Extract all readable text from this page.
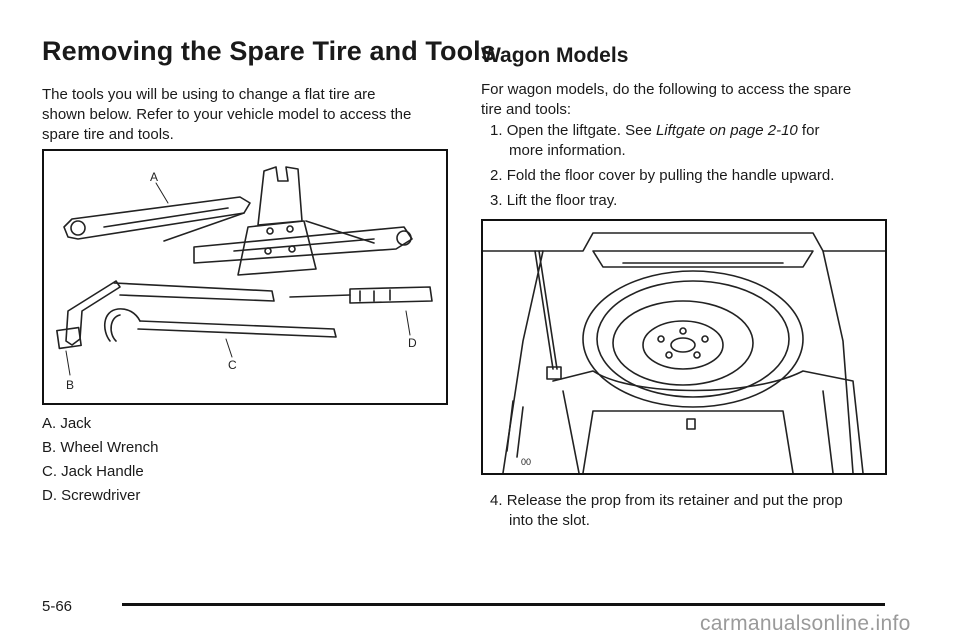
Removing the Spare Tire and Tools
The tools you will be using to change a flat tire are
shown below. Refer to your vehicle model to access the
spare tire and tools.
A
B
C
D
A. Jack
B. Wheel Wrench
C. Jack Handle
D. Screwdriver
Wagon Models
For wagon models, do the following to access the spare
tire and tools:
1. Open the liftgate. See Liftgate on page 2-10 for
more information.
2. Fold the floor cover by pulling the handle upward.
3. Lift the floor tray.
00
4. Release the prop from its retainer and put the prop
into the slot.
5-66
carmanualsonline.info
